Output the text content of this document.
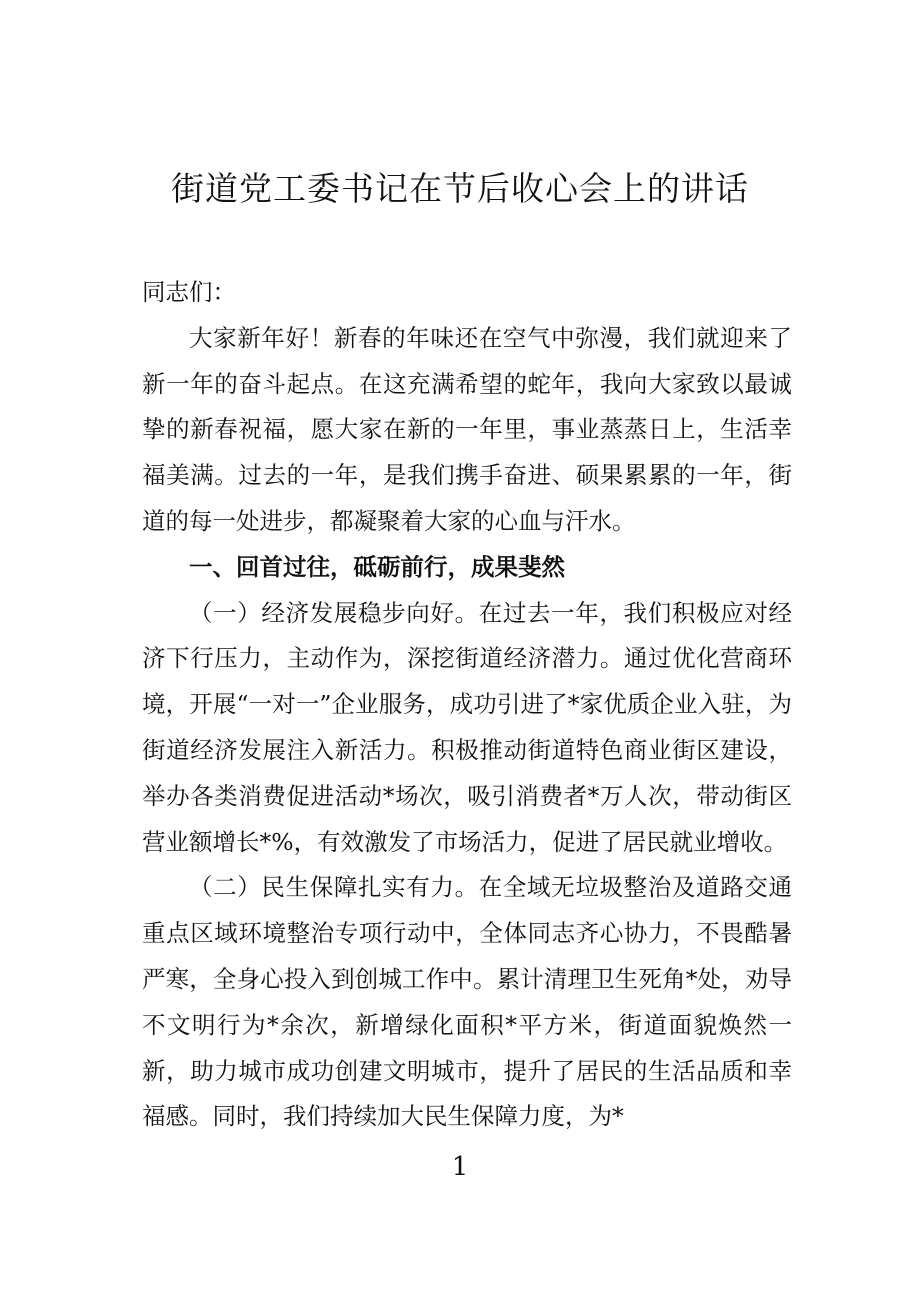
街道党工委书记在节后收心会上的讲话

同志们：

大家新年好！新春的年味还在空气中弥漫，我们就迎来了新一年的奋斗起点。在这充满希望的蛇年，我向大家致以最诚挚的新春祝福，愿大家在新的一年里，事业蒸蒸日上，生活幸福美满。过去的一年，是我们携手奋进、硕果累累的一年，街道的每一处进步，都凝聚着大家的心血与汗水。

一、回首过往，砥砺前行，成果斐然

（一）经济发展稳步向好。在过去一年，我们积极应对经济下行压力，主动作为，深挖街道经济潜力。通过优化营商环境，开展“一对一”企业服务，成功引进了*家优质企业入驻，为街道经济发展注入新活力。积极推动街道特色商业街区建设，举办各类消费促进活动*场次，吸引消费者*万人次，带动街区营业额增长*%，有效激发了市场活力，促进了居民就业增收。

（二）民生保障扎实有力。在全域无垃圾整治及道路交通重点区域环境整治专项行动中，全体同志齐心协力，不畏酷暑严寒，全身心投入到创城工作中。累计清理卫生死角*处，劝导不文明行为*余次，新增绿化面积*平方米，街道面貌焕然一新，助力城市成功创建文明城市，提升了居民的生活品质和幸福感。同时，我们持续加大民生保障力度，为*

1
